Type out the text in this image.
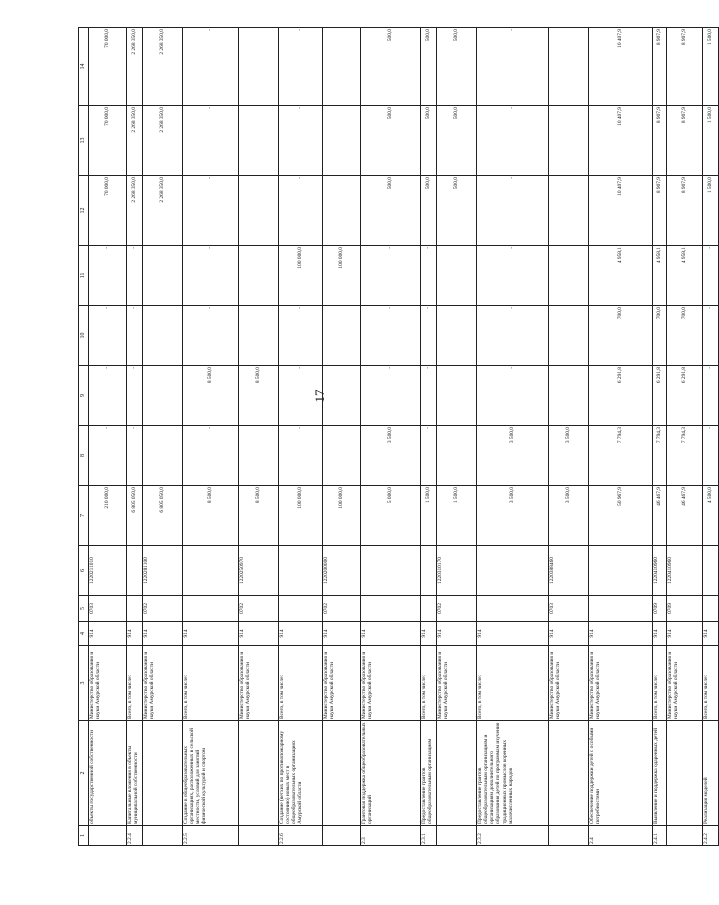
17
1	2	3	4	5	6	7	8	9	10	11	12	13	14
	объекты государственной собственности	Министерство образования и науки Амурской области	914	0703	1220211010	210 000,0	-	-	-	-	70 000,0	70 000,0	70 000,0
2.2.4	Капитальные вложения в объекты муниципальной собственности	Всего, в том числе:	914			6 805 050,0	-	-	-	-	2 268 350,0	2 268 350,0	2 268 350,0
		Министерство образования и науки Амурской области	914	0702	1220281100	6 805 050,0					2 268 350,0	2 268 350,0	2 268 350,0
2.2.5	Создание в общеобразовательных организациях, расположенных в сельской местности, условий для занятий физической культурой и спортом	Всего, в том числе:	914			8 500,0	-	8 500,0	-	-	-	-	-
		Министерство образования и науки Амурской области	914	0702	1220250970	8 500,0		8 500,0					
2.2.6	Создание (ветхих по противопожарному состоянию) новых мест в общеобразовательных организациях Амурской области	Всего, в том числе:	914			100 000,0	-	-	-	100 000,0	-	-	-
		Министерство образования и науки Амурской области	914	0702	1220200000	100 000,0				100 000,0			
2.3	Грантовая поддержка общеобразовательных организаций	Министерство образования и науки Амурской области	914			5 000,0	3 500,0	-	-	-	500,0	500,0	500,0
2.3.1	Предоставление грантов общеобразовательным организациям	Всего, в том числе:	914			1 500,0	-	-	-	-	500,0	500,0	500,0
		Министерство образования и науки Амурской области	914	0702	1220310170	1 500,0					500,0	500,0	500,0
2.3.2	Предоставление грантов общеобразовательным организациям и организациям дополнительного образования детей по программам изучения традиционных промыслов коренных малочисленных народов	Всего, в том числе:	914			3 500,0	3 500,0	-	-	-	-	-	-
		Министерство образования и науки Амурской области	914	0703	1220388460	3 500,0	3 500,0						
2.4	Обеспечение поддержки детей с особыми потребностями	Министерство образования и науки Амурской области	914			50 967,9	7 794,3	6 291,8	700,0	4 958,1	10 407,9	10 407,9	10 407,9
2.4.1	Выявление и поддержка одаренных детей	Всего, в том числе:	914	0709	1220410960	46 467,9	7 794,3	6 291,8	700,0	4 958,1	8 907,9	8 907,9	8 907,9
		Министерство образования и науки Амурской области	914	0709	1220410960	46 467,9	7 794,3	6 291,8	700,0	4 958,1	8 907,9	8 907,9	8 907,9
2.4.2	Реализация моделей	Всего, в том числе:	914			4 500,0	-	-	-	-	1 500,0	1 500,0	1 500,0
